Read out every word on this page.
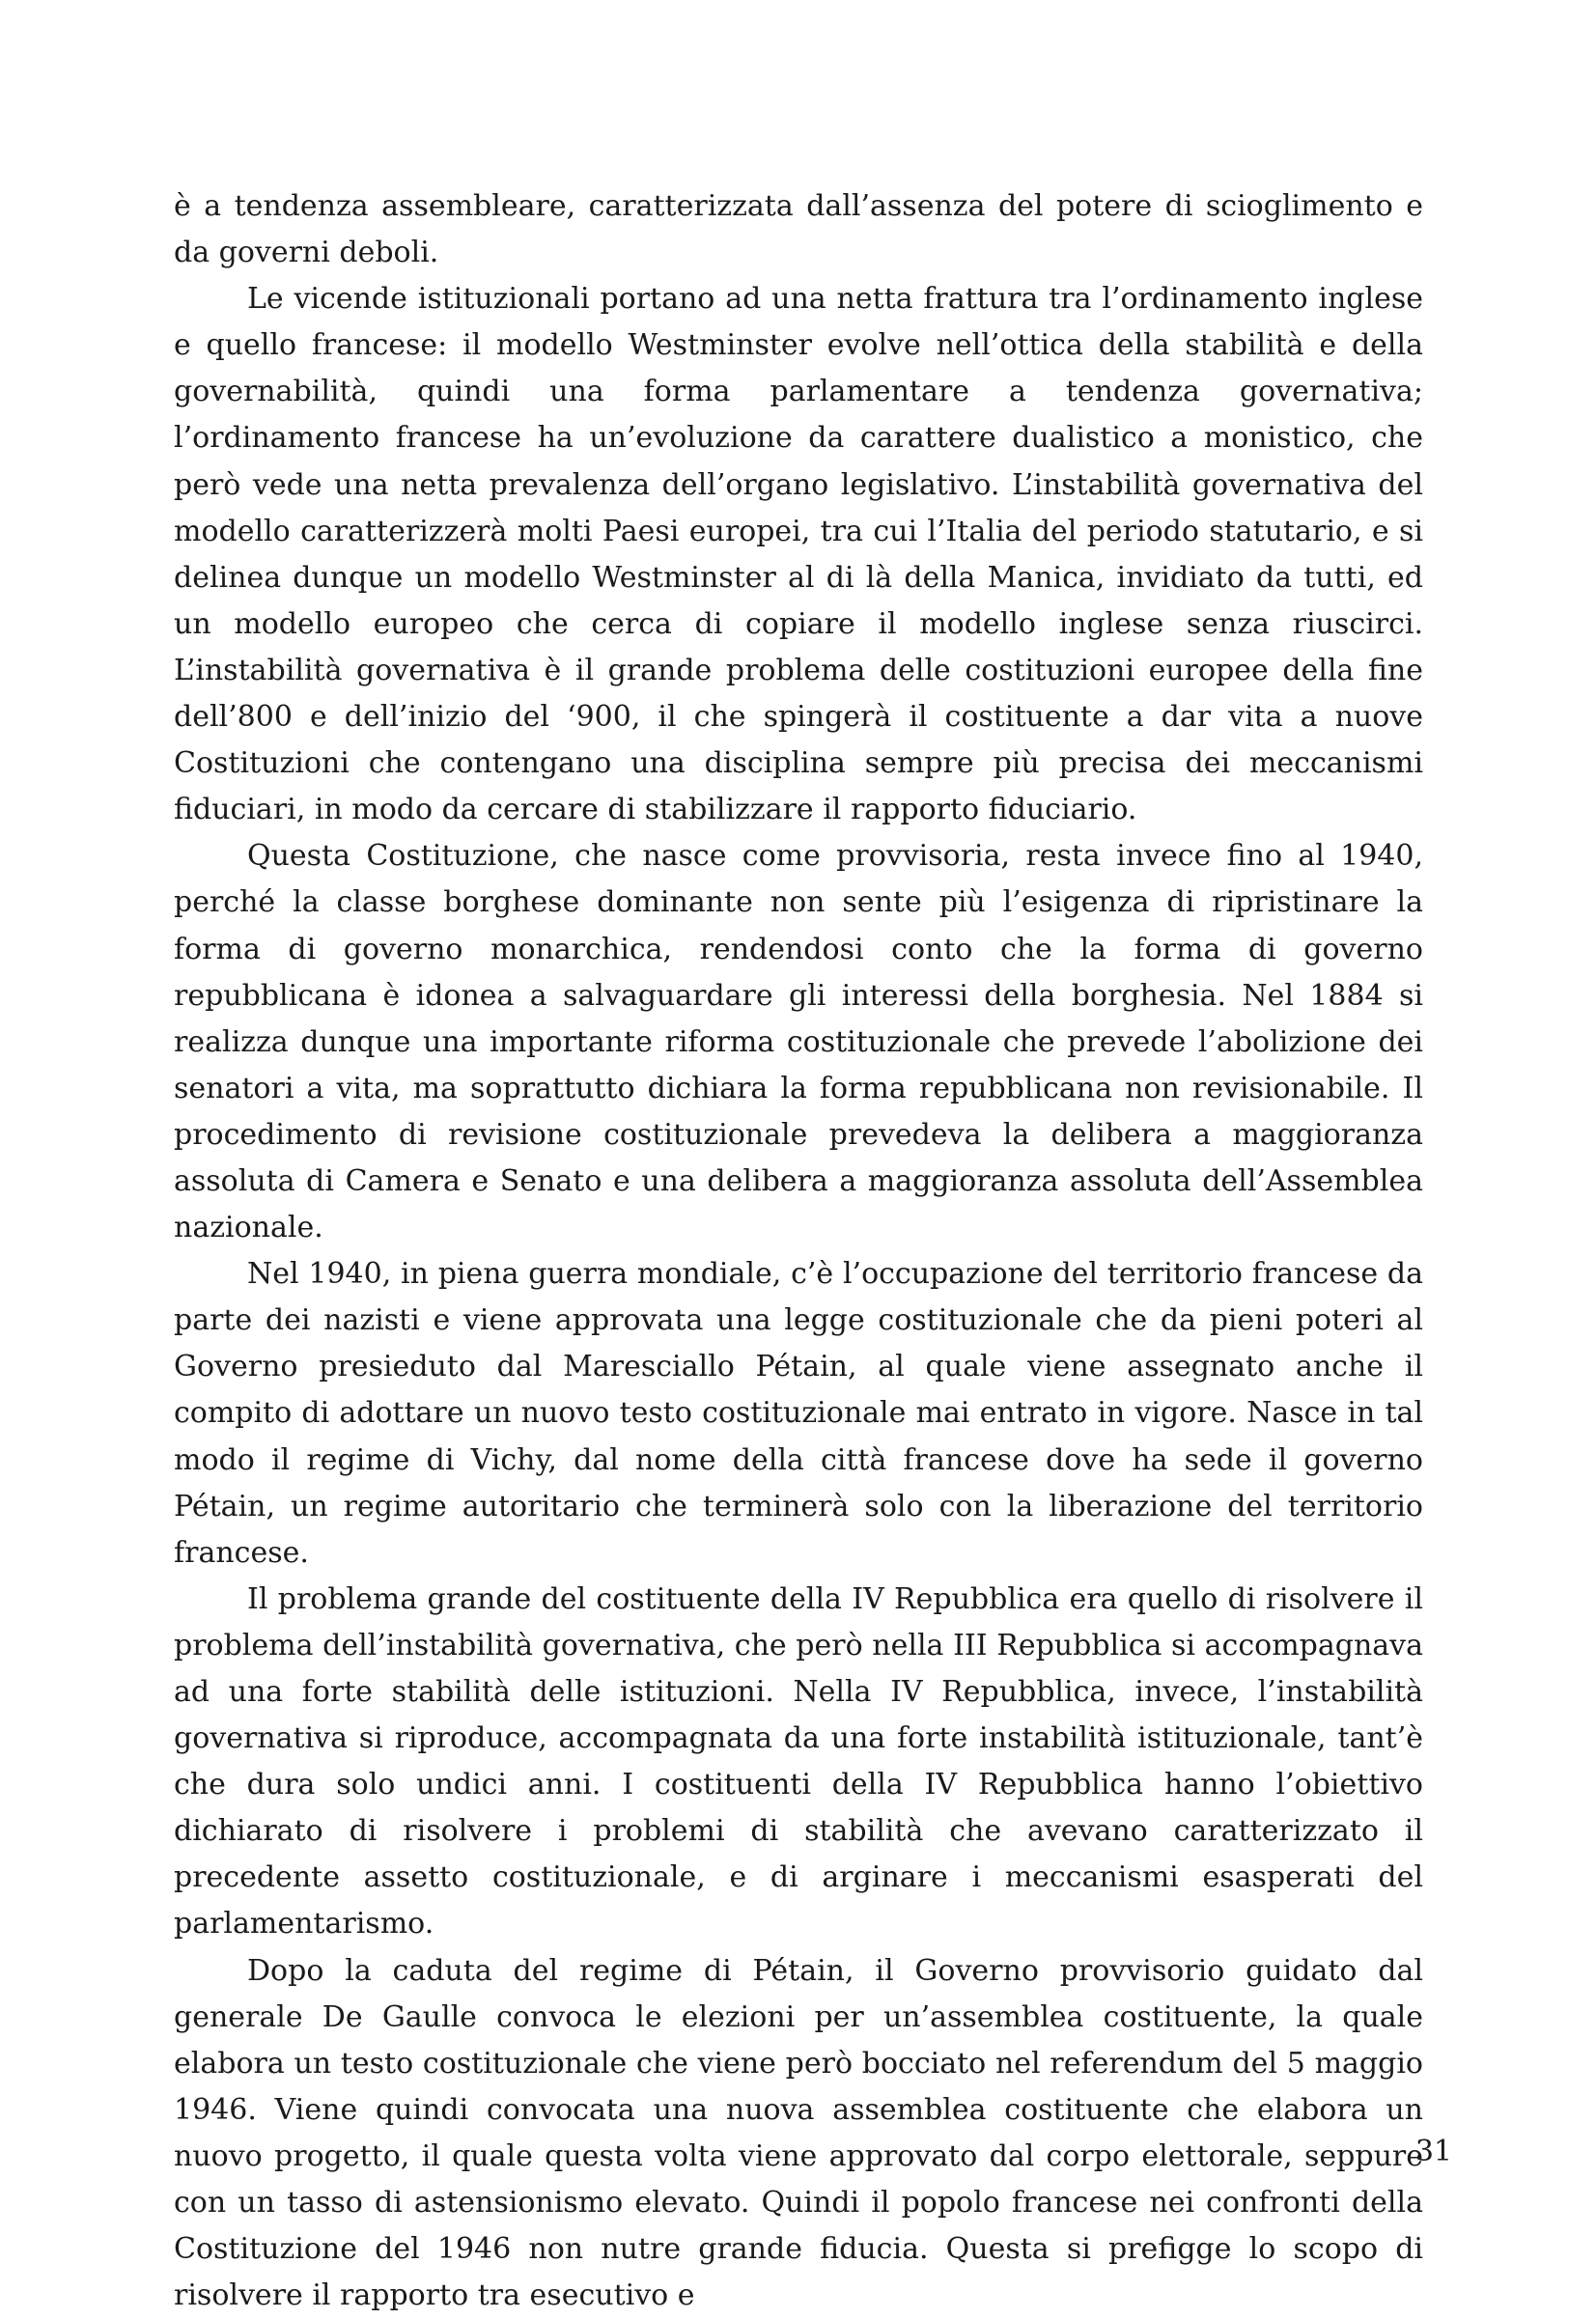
è a tendenza assembleare, caratterizzata dall’assenza del potere di scioglimento e da governi deboli.

Le vicende istituzionali portano ad una netta frattura tra l’ordinamento inglese e quello francese: il modello Westminster evolve nell’ottica della stabilità e della governabilità, quindi una forma parlamentare a tendenza governativa; l’ordinamento francese ha un’evoluzione da carattere dualistico a monistico, che però vede una netta prevalenza dell’organo legislativo. L’instabilità governativa del modello caratterizzerà molti Paesi europei, tra cui l’Italia del periodo statutario, e si delinea dunque un modello Westminster al di là della Manica, invidiato da tutti, ed un modello europeo che cerca di copiare il modello inglese senza riuscirci. L’instabilità governativa è il grande problema delle costituzioni europee della fine dell’800 e dell’inizio del ‘900, il che spingerà il costituente a dar vita a nuove Costituzioni che contengano una disciplina sempre più precisa dei meccanismi fiduciari, in modo da cercare di stabilizzare il rapporto fiduciario.

Questa Costituzione, che nasce come provvisoria, resta invece fino al 1940, perché la classe borghese dominante non sente più l’esigenza di ripristinare la forma di governo monarchica, rendendosi conto che la forma di governo repubblicana è idonea a salvaguardare gli interessi della borghesia. Nel 1884 si realizza dunque una importante riforma costituzionale che prevede l’abolizione dei senatori a vita, ma soprattutto dichiara la forma repubblicana non revisionabile. Il procedimento di revisione costituzionale prevedeva la delibera a maggioranza assoluta di Camera e Senato e una delibera a maggioranza assoluta dell’Assemblea nazionale.

Nel 1940, in piena guerra mondiale, c’è l’occupazione del territorio francese da parte dei nazisti e viene approvata una legge costituzionale che da pieni poteri al Governo presieduto dal Maresciallo Pétain, al quale viene assegnato anche il compito di adottare un nuovo testo costituzionale mai entrato in vigore. Nasce in tal modo il regime di Vichy, dal nome della città francese dove ha sede il governo Pétain, un regime autoritario che terminerà solo con la liberazione del territorio francese.

Il problema grande del costituente della IV Repubblica era quello di risolvere il problema dell’instabilità governativa, che però nella III Repubblica si accompagnava ad una forte stabilità delle istituzioni. Nella IV Repubblica, invece, l’instabilità governativa si riproduce, accompagnata da una forte instabilità istituzionale, tant’è che dura solo undici anni. I costituenti della IV Repubblica hanno l’obiettivo dichiarato di risolvere i problemi di stabilità che avevano caratterizzato il precedente assetto costituzionale, e di arginare i meccanismi esasperati del parlamentarismo.

Dopo la caduta del regime di Pétain, il Governo provvisorio guidato dal generale De Gaulle convoca le elezioni per un’assemblea costituente, la quale elabora un testo costituzionale che viene però bocciato nel referendum del 5 maggio 1946. Viene quindi convocata una nuova assemblea costituente che elabora un nuovo progetto, il quale questa volta viene approvato dal corpo elettorale, seppure con un tasso di astensionismo elevato. Quindi il popolo francese nei confronti della Costituzione del 1946 non nutre grande fiducia. Questa si prefigge lo scopo di risolvere il rapporto tra esecutivo e

31
